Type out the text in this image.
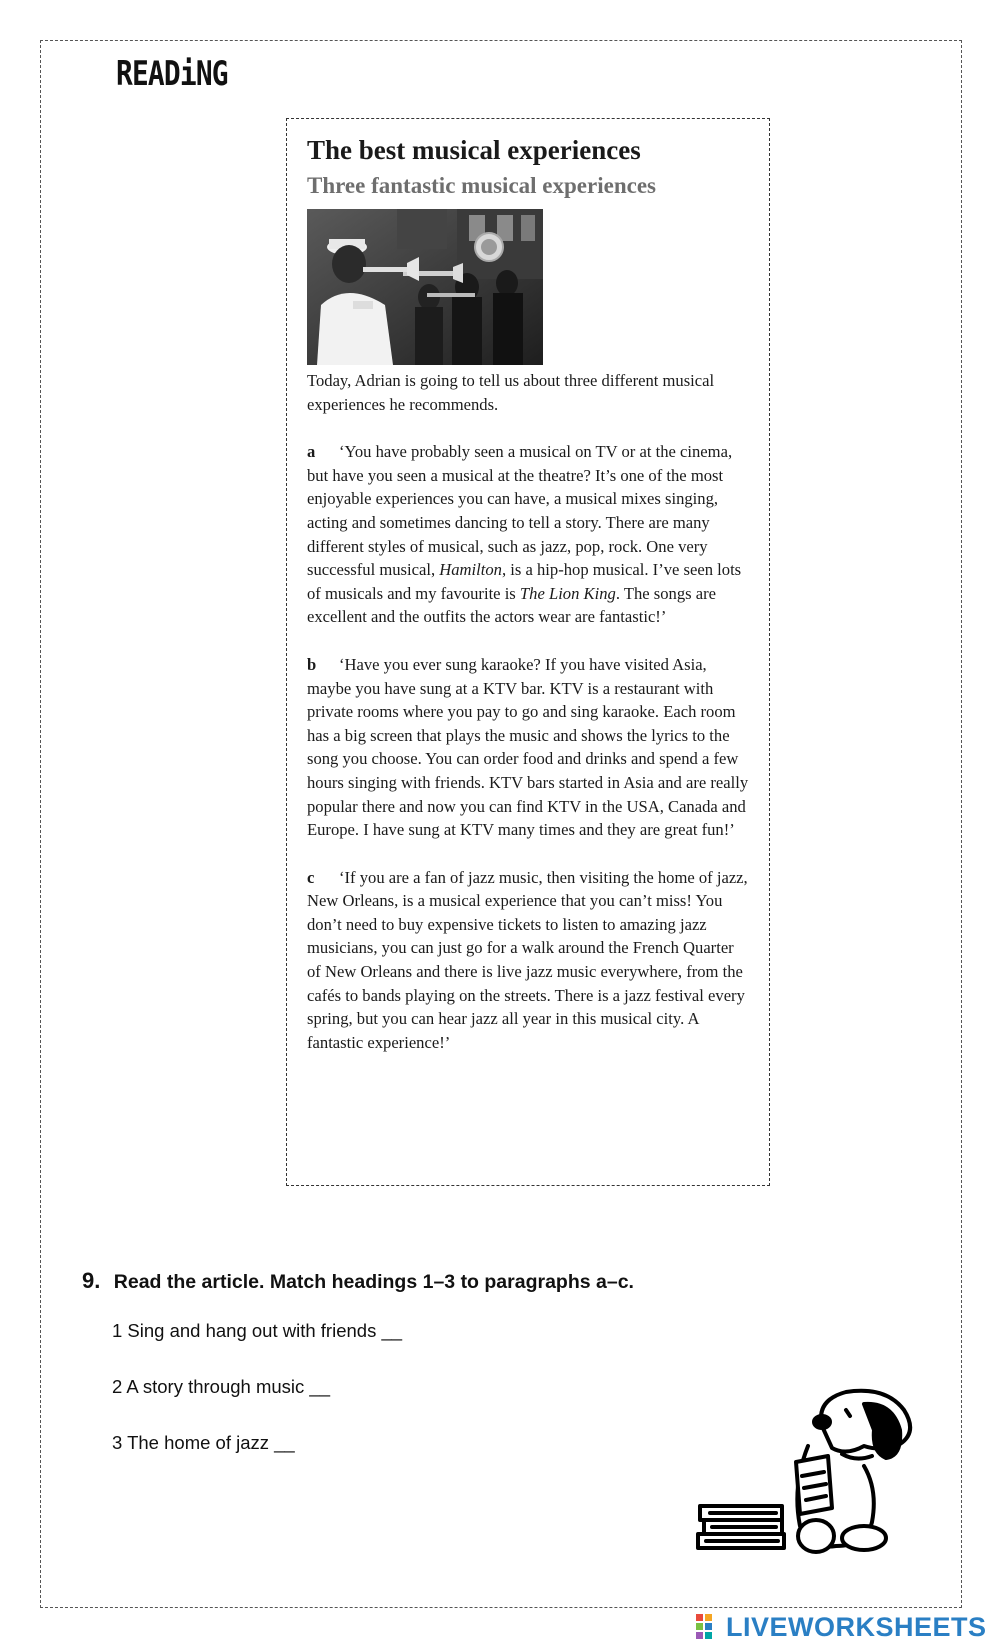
READiNG
The best musical experiences
Three fantastic musical experiences

Today, Adrian is going to tell us about three different musical experiences he recommends.

a ‘You have probably seen a musical on TV or at the cinema, but have you seen a musical at the theatre? It’s one of the most enjoyable experiences you can have, a musical mixes singing, acting and sometimes dancing to tell a story. There are many different styles of musical, such as jazz, pop, rock. One very successful musical, Hamilton, is a hip-hop musical. I’ve seen lots of musicals and my favourite is The Lion King. The songs are excellent and the outfits the actors wear are fantastic!’

b ‘Have you ever sung karaoke? If you have visited Asia, maybe you have sung at a KTV bar. KTV is a restaurant with private rooms where you pay to go and sing karaoke. Each room has a big screen that plays the music and shows the lyrics to the song you choose. You can order food and drinks and spend a few hours singing with friends. KTV bars started in Asia and are really popular there and now you can find KTV in the USA, Canada and Europe. I have sung at KTV many times and they are great fun!’

c ‘If you are a fan of jazz music, then visiting the home of jazz, New Orleans, is a musical experience that you can’t miss! You don’t need to buy expensive tickets to listen to amazing jazz musicians, you can just go for a walk around the French Quarter of New Orleans and there is live jazz music everywhere, from the cafés to bands playing on the streets. There is a jazz festival every spring, but you can hear jazz all year in this musical city. A fantastic experience!’

9. Read the article. Match headings 1–3 to paragraphs a–c.
1 Sing and hang out with friends __
2 A story through music __
3 The home of jazz __
LIVEWORKSHEETS
